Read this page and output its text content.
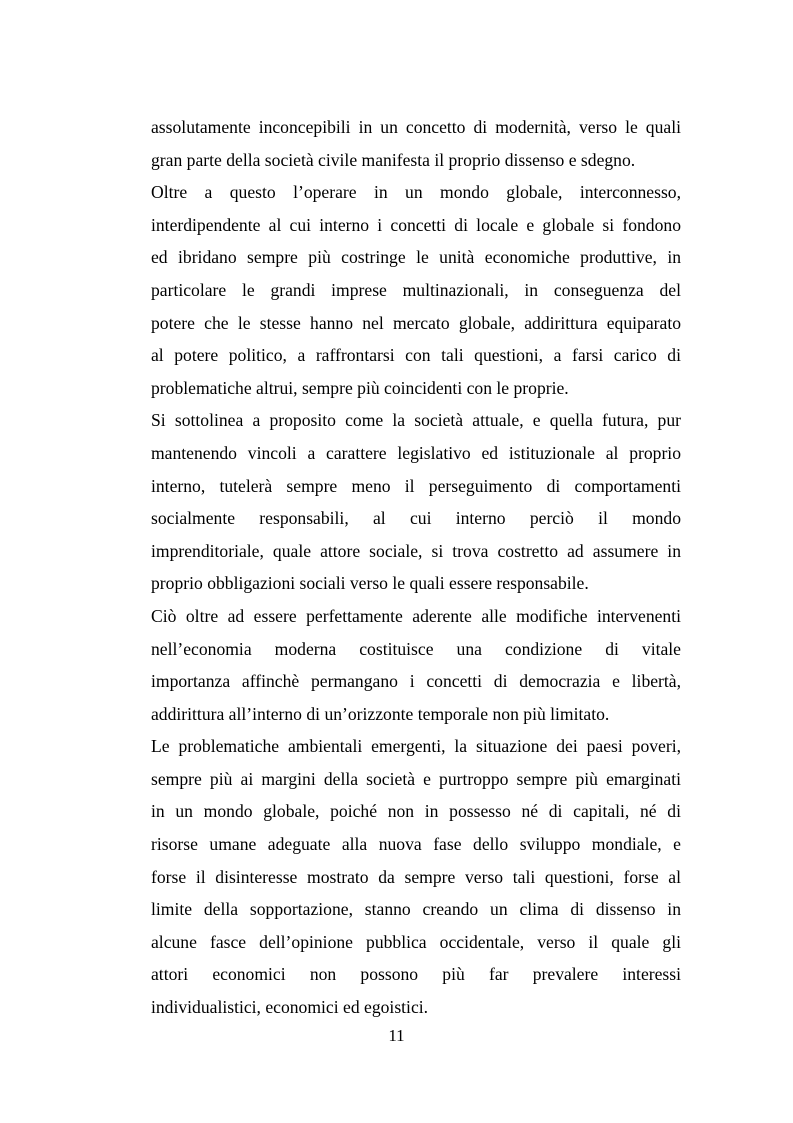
assolutamente inconcepibili in un concetto di modernità, verso le quali
gran parte della società civile manifesta il proprio dissenso e sdegno.
Oltre a questo l’operare in un mondo globale, interconnesso,
interdipendente al cui interno i concetti di locale e globale si fondono
ed ibridano sempre più costringe le unità economiche produttive, in
particolare le grandi imprese multinazionali, in conseguenza del
potere che le stesse hanno nel mercato globale, addirittura equiparato
al potere politico, a raffrontarsi con tali questioni, a farsi carico di
problematiche altrui, sempre più coincidenti con le proprie.
Si sottolinea a proposito come la società attuale, e quella futura, pur
mantenendo vincoli a carattere legislativo ed istituzionale al proprio
interno, tutelerà sempre meno il perseguimento di comportamenti
socialmente responsabili, al cui interno perciò il mondo
imprenditoriale, quale attore sociale, si trova costretto ad assumere in
proprio obbligazioni sociali verso le quali essere responsabile.
Ciò oltre ad essere perfettamente aderente alle modifiche intervenenti
nell’economia moderna costituisce una condizione di vitale
importanza affinchè permangano i concetti di democrazia e libertà,
addirittura all’interno di un’orizzonte temporale non più limitato.
Le problematiche ambientali emergenti, la situazione dei paesi poveri,
sempre più ai margini della società e purtroppo sempre più emarginati
in un mondo globale, poiché non in possesso né di capitali, né di
risorse umane adeguate alla nuova fase dello sviluppo mondiale, e
forse il disinteresse mostrato da sempre verso tali questioni, forse al
limite della sopportazione, stanno creando un clima di dissenso in
alcune fasce dell’opinione pubblica occidentale, verso il quale gli
attori economici non possono più far prevalere interessi
individualistici, economici ed egoistici.
11
